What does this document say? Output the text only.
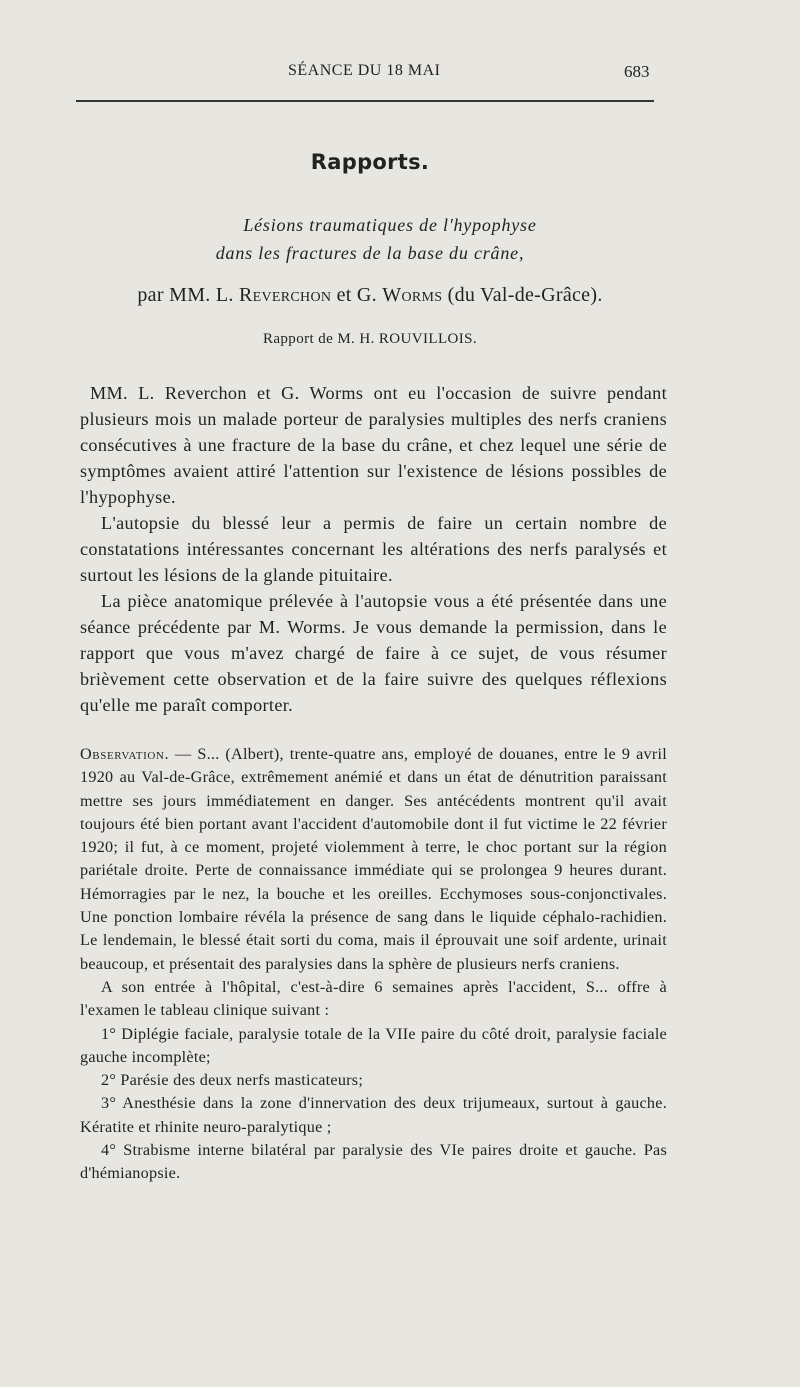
SÉANCE DU 18 MAI	683
Rapports.
Lésions traumatiques de l'hypophyse
dans les fractures de la base du crâne,
par MM. L. Reverchon et G. Worms (du Val-de-Grâce).
Rapport de M. H. ROUVILLOIS.

MM. L. Reverchon et G. Worms ont eu l'occasion de suivre pendant plusieurs mois un malade porteur de paralysies multiples des nerfs craniens consécutives à une fracture de la base du crâne, et chez lequel une série de symptômes avaient attiré l'attention sur l'existence de lésions possibles de l'hypophyse.

L'autopsie du blessé leur a permis de faire un certain nombre de constatations intéressantes concernant les altérations des nerfs paralysés et surtout les lésions de la glande pituitaire.

La pièce anatomique prélevée à l'autopsie vous a été présentée dans une séance précédente par M. Worms. Je vous demande la permission, dans le rapport que vous m'avez chargé de faire à ce sujet, de vous résumer brièvement cette observation et de la faire suivre des quelques réflexions qu'elle me paraît comporter.

Observation. — S... (Albert), trente-quatre ans, employé de douanes, entre le 9 avril 1920 au Val-de-Grâce, extrêmement anémié et dans un état de dénutrition paraissant mettre ses jours immédiatement en danger. Ses antécédents montrent qu'il avait toujours été bien portant avant l'accident d'automobile dont il fut victime le 22 février 1920; il fut, à ce moment, projeté violemment à terre, le choc portant sur la région pariétale droite. Perte de connaissance immédiate qui se prolongea 9 heures durant. Hémorragies par le nez, la bouche et les oreilles. Ecchymoses sous-conjonctivales. Une ponction lombaire révéla la présence de sang dans le liquide céphalo-rachidien. Le lendemain, le blessé était sorti du coma, mais il éprouvait une soif ardente, urinait beaucoup, et présentait des paralysies dans la sphère de plusieurs nerfs craniens.

A son entrée à l'hôpital, c'est-à-dire 6 semaines après l'accident, S... offre à l'examen le tableau clinique suivant :

1° Diplégie faciale, paralysie totale de la VIIe paire du côté droit, paralysie faciale gauche incomplète;

2° Parésie des deux nerfs masticateurs;

3° Anesthésie dans la zone d'innervation des deux trijumeaux, surtout à gauche. Kératite et rhinite neuro-paralytique ;

4° Strabisme interne bilatéral par paralysie des VIe paires droite et gauche. Pas d'hémianopsie.
